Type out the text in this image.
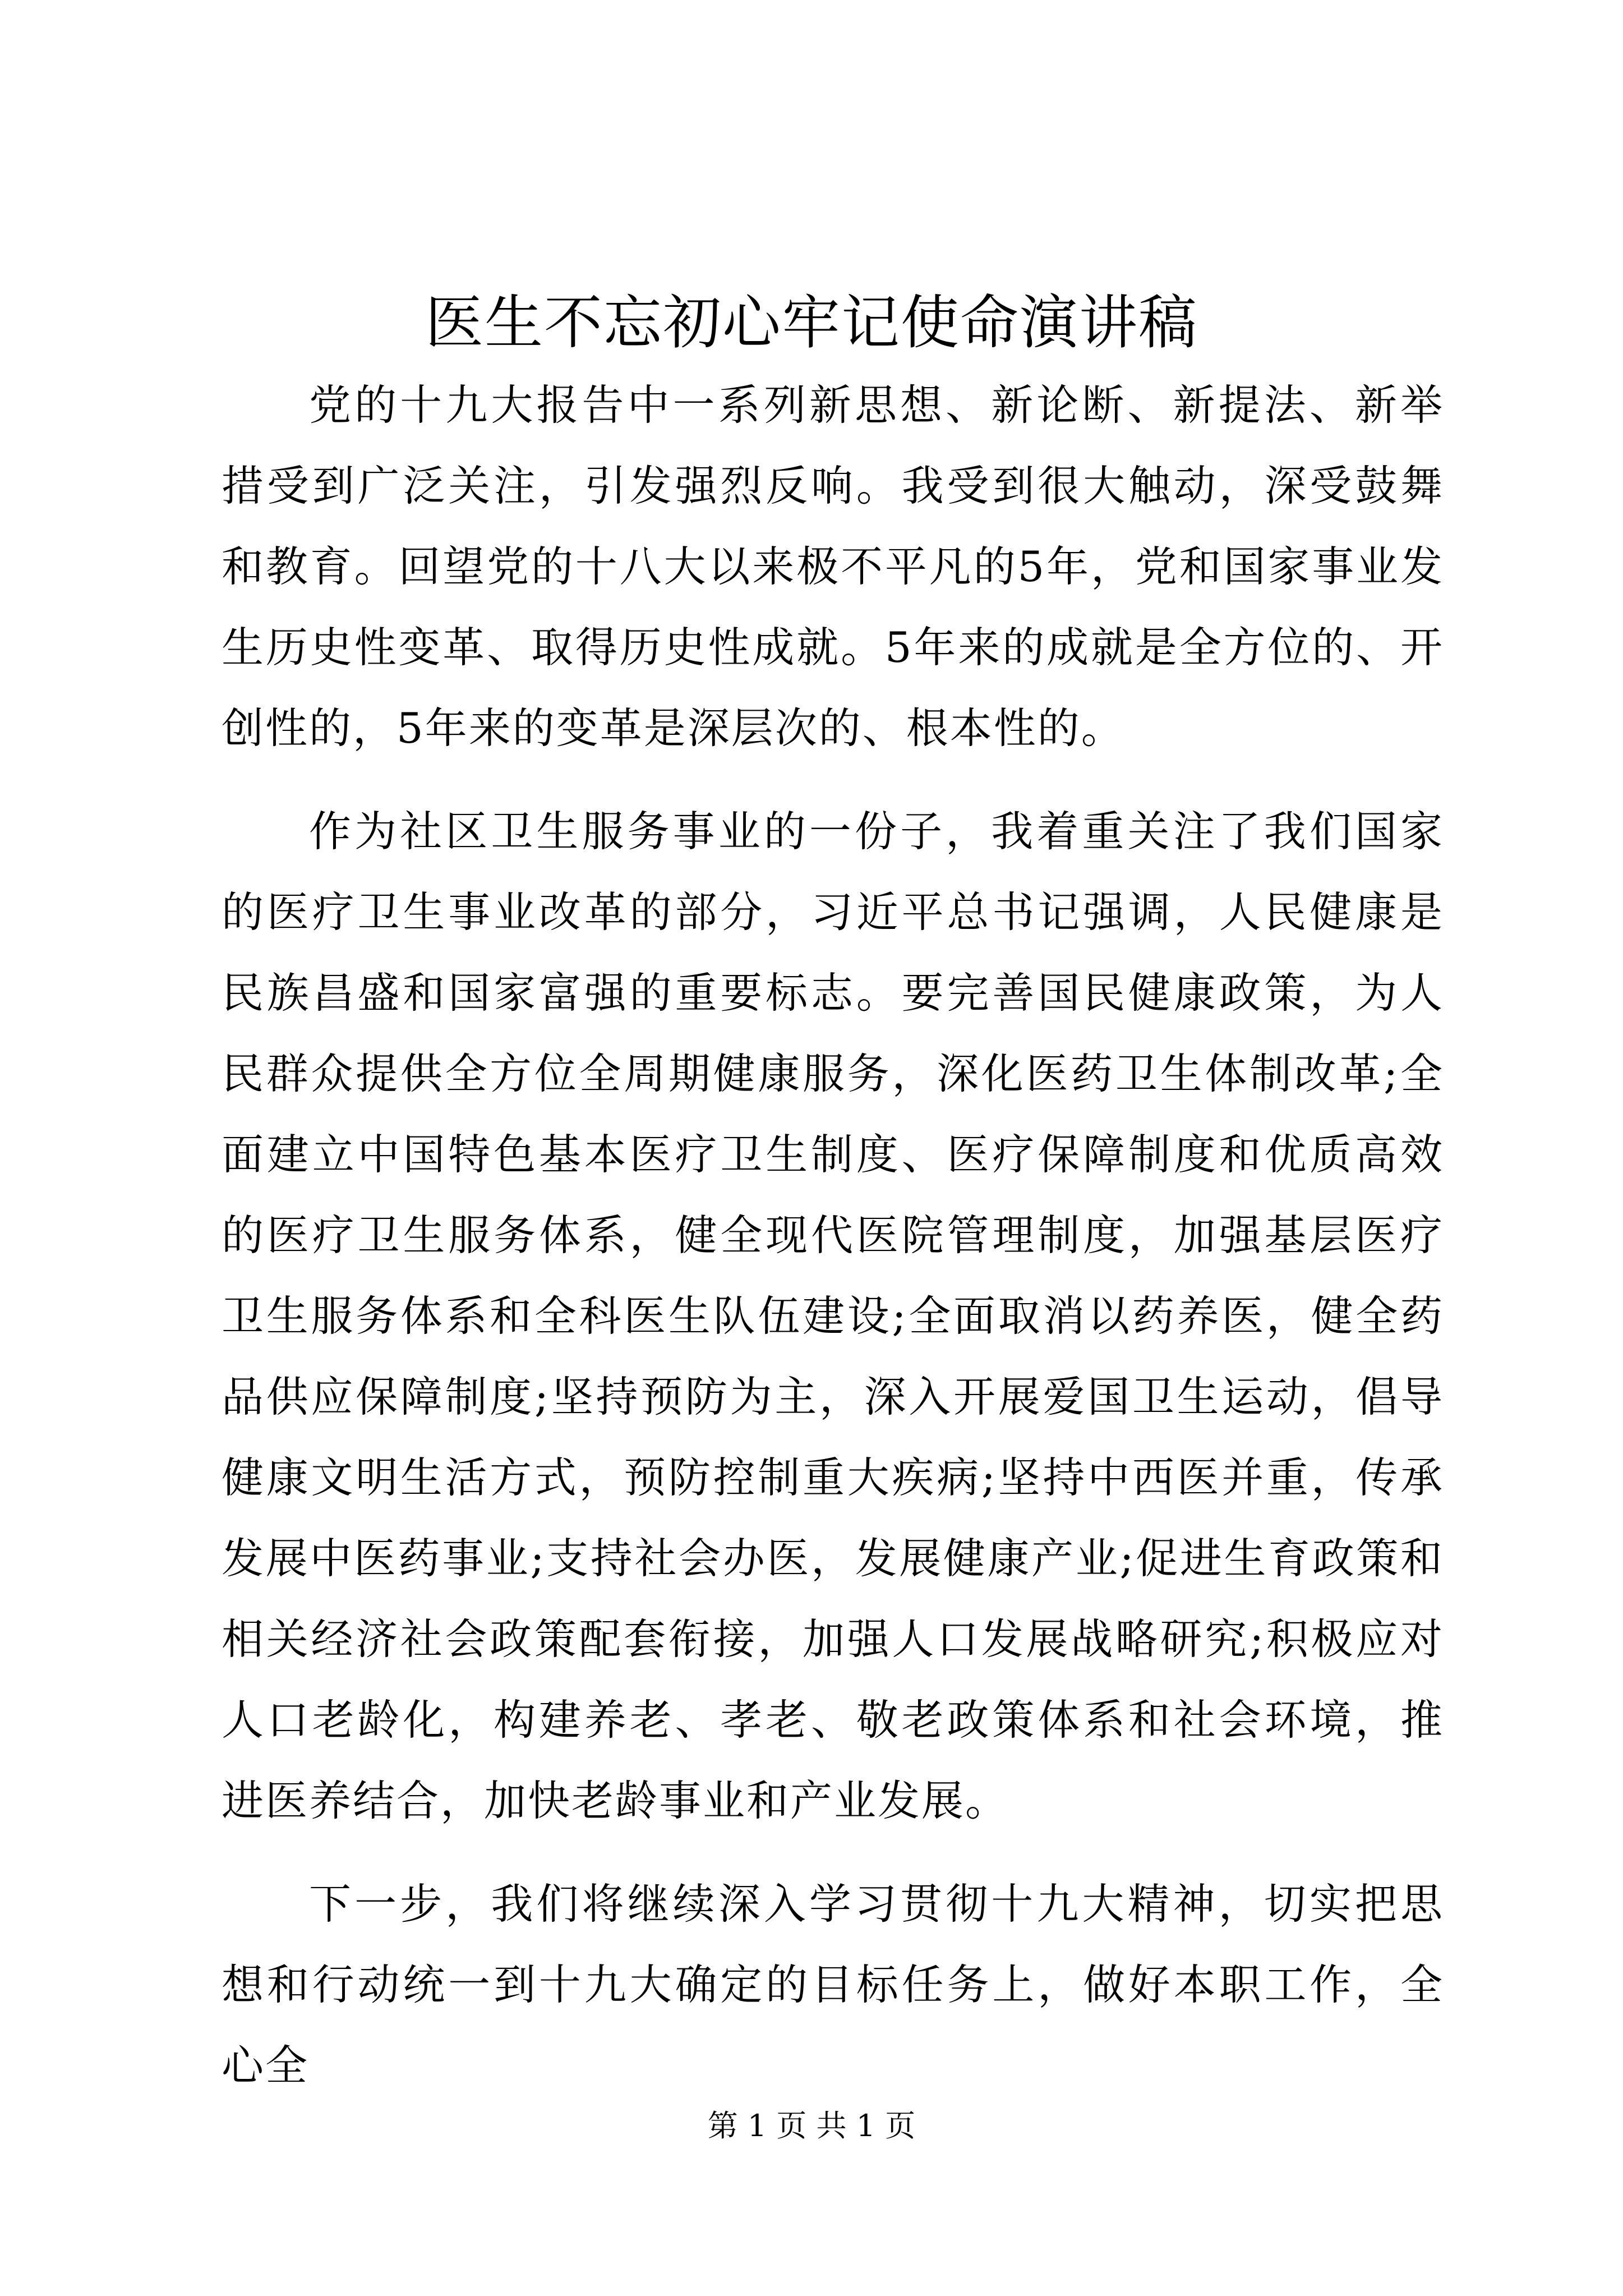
医生不忘初心牢记使命演讲稿

党的十九大报告中一系列新思想、新论断、新提法、新举措受到广泛关注，引发强烈反响。我受到很大触动，深受鼓舞和教育。回望党的十八大以来极不平凡的5年，党和国家事业发生历史性变革、取得历史性成就。5年来的成就是全方位的、开创性的，5年来的变革是深层次的、根本性的。

作为社区卫生服务事业的一份子，我着重关注了我们国家的医疗卫生事业改革的部分，习近平总书记强调，人民健康是民族昌盛和国家富强的重要标志。要完善国民健康政策，为人民群众提供全方位全周期健康服务，深化医药卫生体制改革;全面建立中国特色基本医疗卫生制度、医疗保障制度和优质高效的医疗卫生服务体系，健全现代医院管理制度，加强基层医疗卫生服务体系和全科医生队伍建设;全面取消以药养医，健全药品供应保障制度;坚持预防为主，深入开展爱国卫生运动，倡导健康文明生活方式，预防控制重大疾病;坚持中西医并重，传承发展中医药事业;支持社会办医，发展健康产业;促进生育政策和相关经济社会政策配套衔接，加强人口发展战略研究;积极应对人口老龄化，构建养老、孝老、敬老政策体系和社会环境，推进医养结合，加快老龄事业和产业发展。

下一步，我们将继续深入学习贯彻十九大精神，切实把思想和行动统一到十九大确定的目标任务上，做好本职工作，全心全

第 1 页 共 1 页
